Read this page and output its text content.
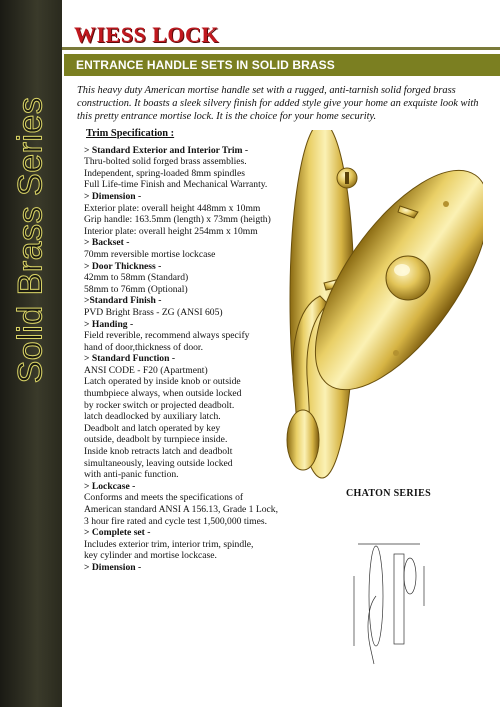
Solid Brass Series
WIESS LOCK
ENTRANCE HANDLE SETS IN SOLID BRASS
This heavy duty American mortise handle set with a rugged, anti-tarnish solid forged brass construction. It boasts a sleek silvery finish for added style give your home an exquiste look with this pretty entrance mortise lock. It is the choice for your home security.
Trim Specification :
> Standard Exterior and Interior Trim -
Thru-bolted solid forged brass assemblies.
Independent, spring-loaded 8mm spindles
Full Life-time Finish and Mechanical Warranty.
> Dimension -
Exterior plate: overall height 448mm x 10mm
Grip handle: 163.5mm (length) x 73mm (heigth)
Interior plate: overall height 254mm x 10mm
> Backset -
70mm reversible mortise lockcase
> Door Thickness -
42mm to 58mm (Standard)
58mm to 76mm (Optional)
>Standard Finish -
PVD Bright Brass - ZG (ANSI 605)
> Handing -
Field reverible, recommend always specify
hand of door,thickness of door.
> Standard Function -
ANSI CODE - F20 (Apartment)
Latch operated by inside knob or outside
thumbpiece always, when outside locked
by rocker switch or projected deadbolt.
latch deadlocked by auxiliary latch.
Deadbolt and latch operated by key
outside, deadbolt by turnpiece inside.
Inside knob retracts latch and deadbolt
simultaneously, leaving outside locked
with anti-panic function.
> Lockcase -
Conforms and meets the specifications of
American standard ANSI A 156.13, Grade 1 Lock,
3 hour fire rated and cycle test 1,500,000 times.
> Complete set -
Includes exterior trim, interior trim, spindle,
key cylinder and mortise lockcase.
> Dimension -
CHATON SERIES
